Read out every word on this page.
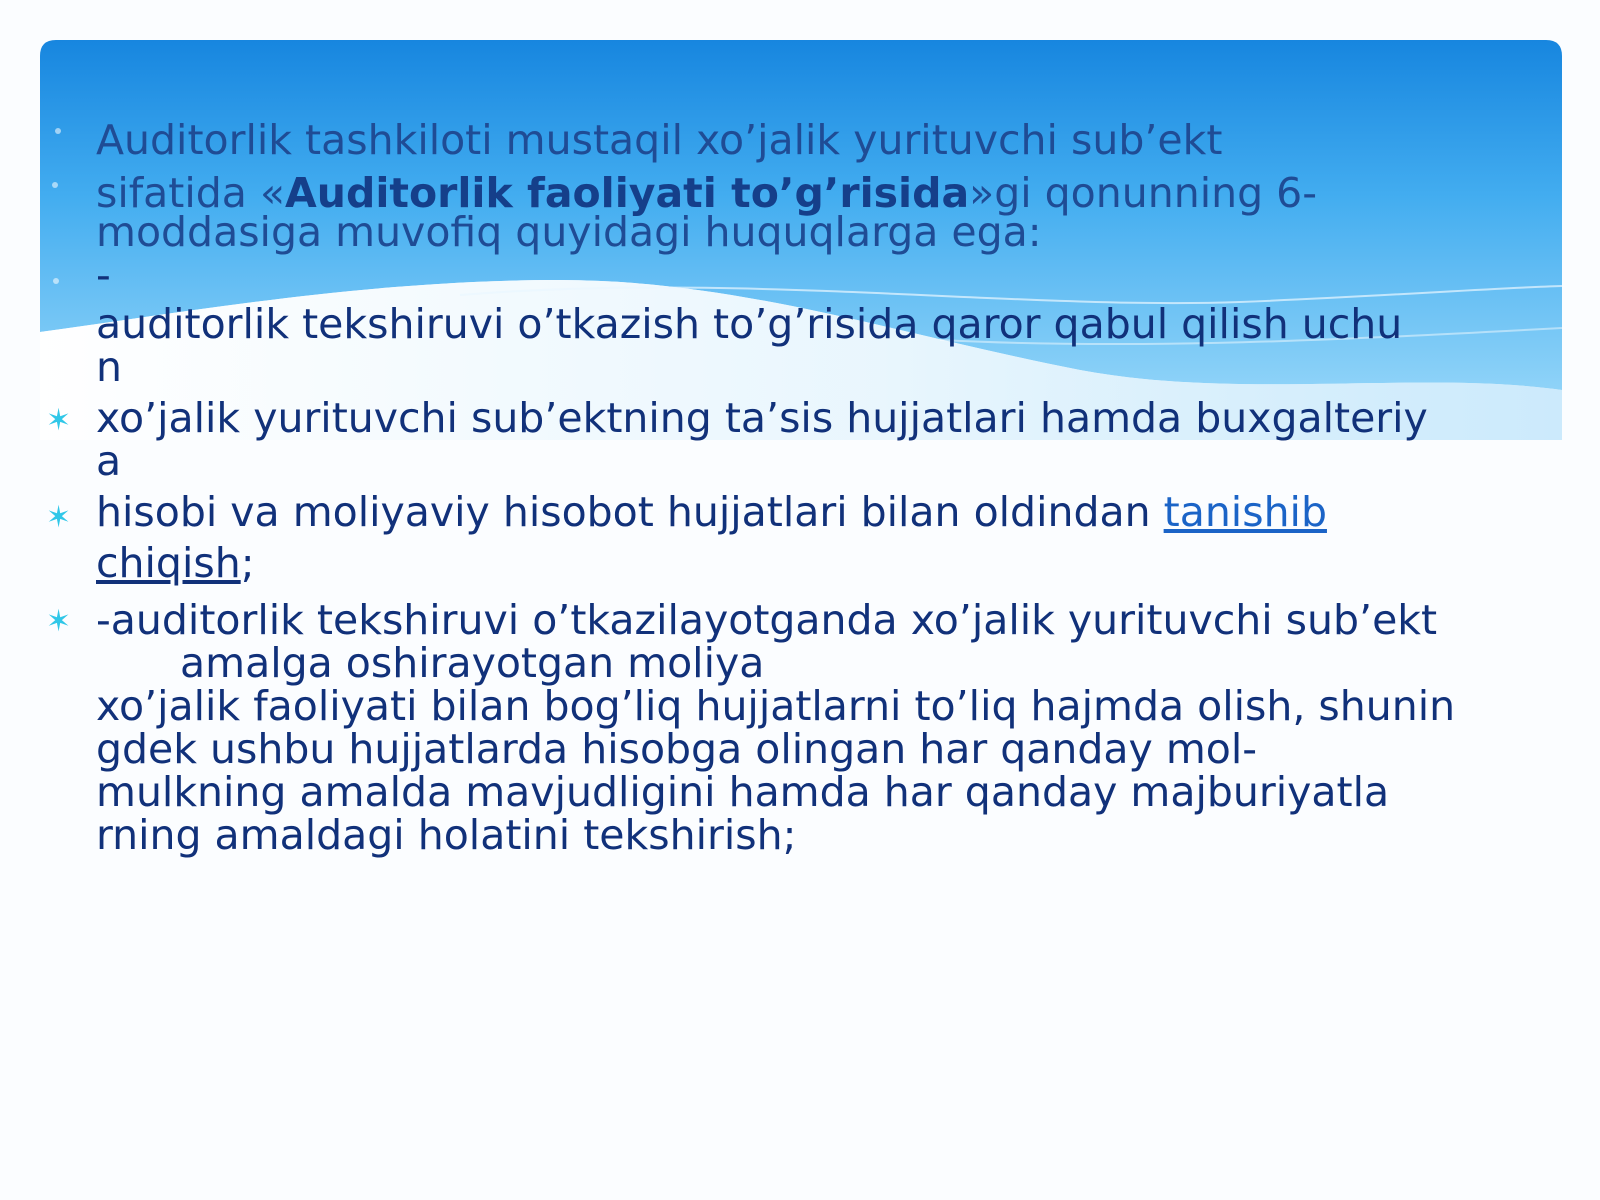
✶
✶
✶

Auditorlik tashkiloti mustaqil xo’jalik yurituvchi sub’ekt

sifatida «Auditorlik faoliyati to’g’risida»gi qonunning 6-

moddasiga muvofiq quyidagi huquqlarga ega:

-

auditorlik tekshiruvi o’tkazish to’g’risida qaror qabul qilish uchu

n

xo’jalik yurituvchi sub’ektning ta’sis hujjatlari hamda buxgalteriy

a

hisobi va moliyaviy hisobot hujjatlari bilan oldindan tanishib

chiqish;

-auditorlik tekshiruvi o’tkazilayotganda xo’jalik yurituvchi sub’ekt

amalga oshirayotgan moliya

xo’jalik faoliyati bilan bog’liq hujjatlarni to’liq hajmda olish, shunin

gdek ushbu hujjatlarda hisobga olingan har qanday mol-

mulkning amalda mavjudligini hamda har qanday majburiyatla

rning amaldagi holatini tekshirish;
